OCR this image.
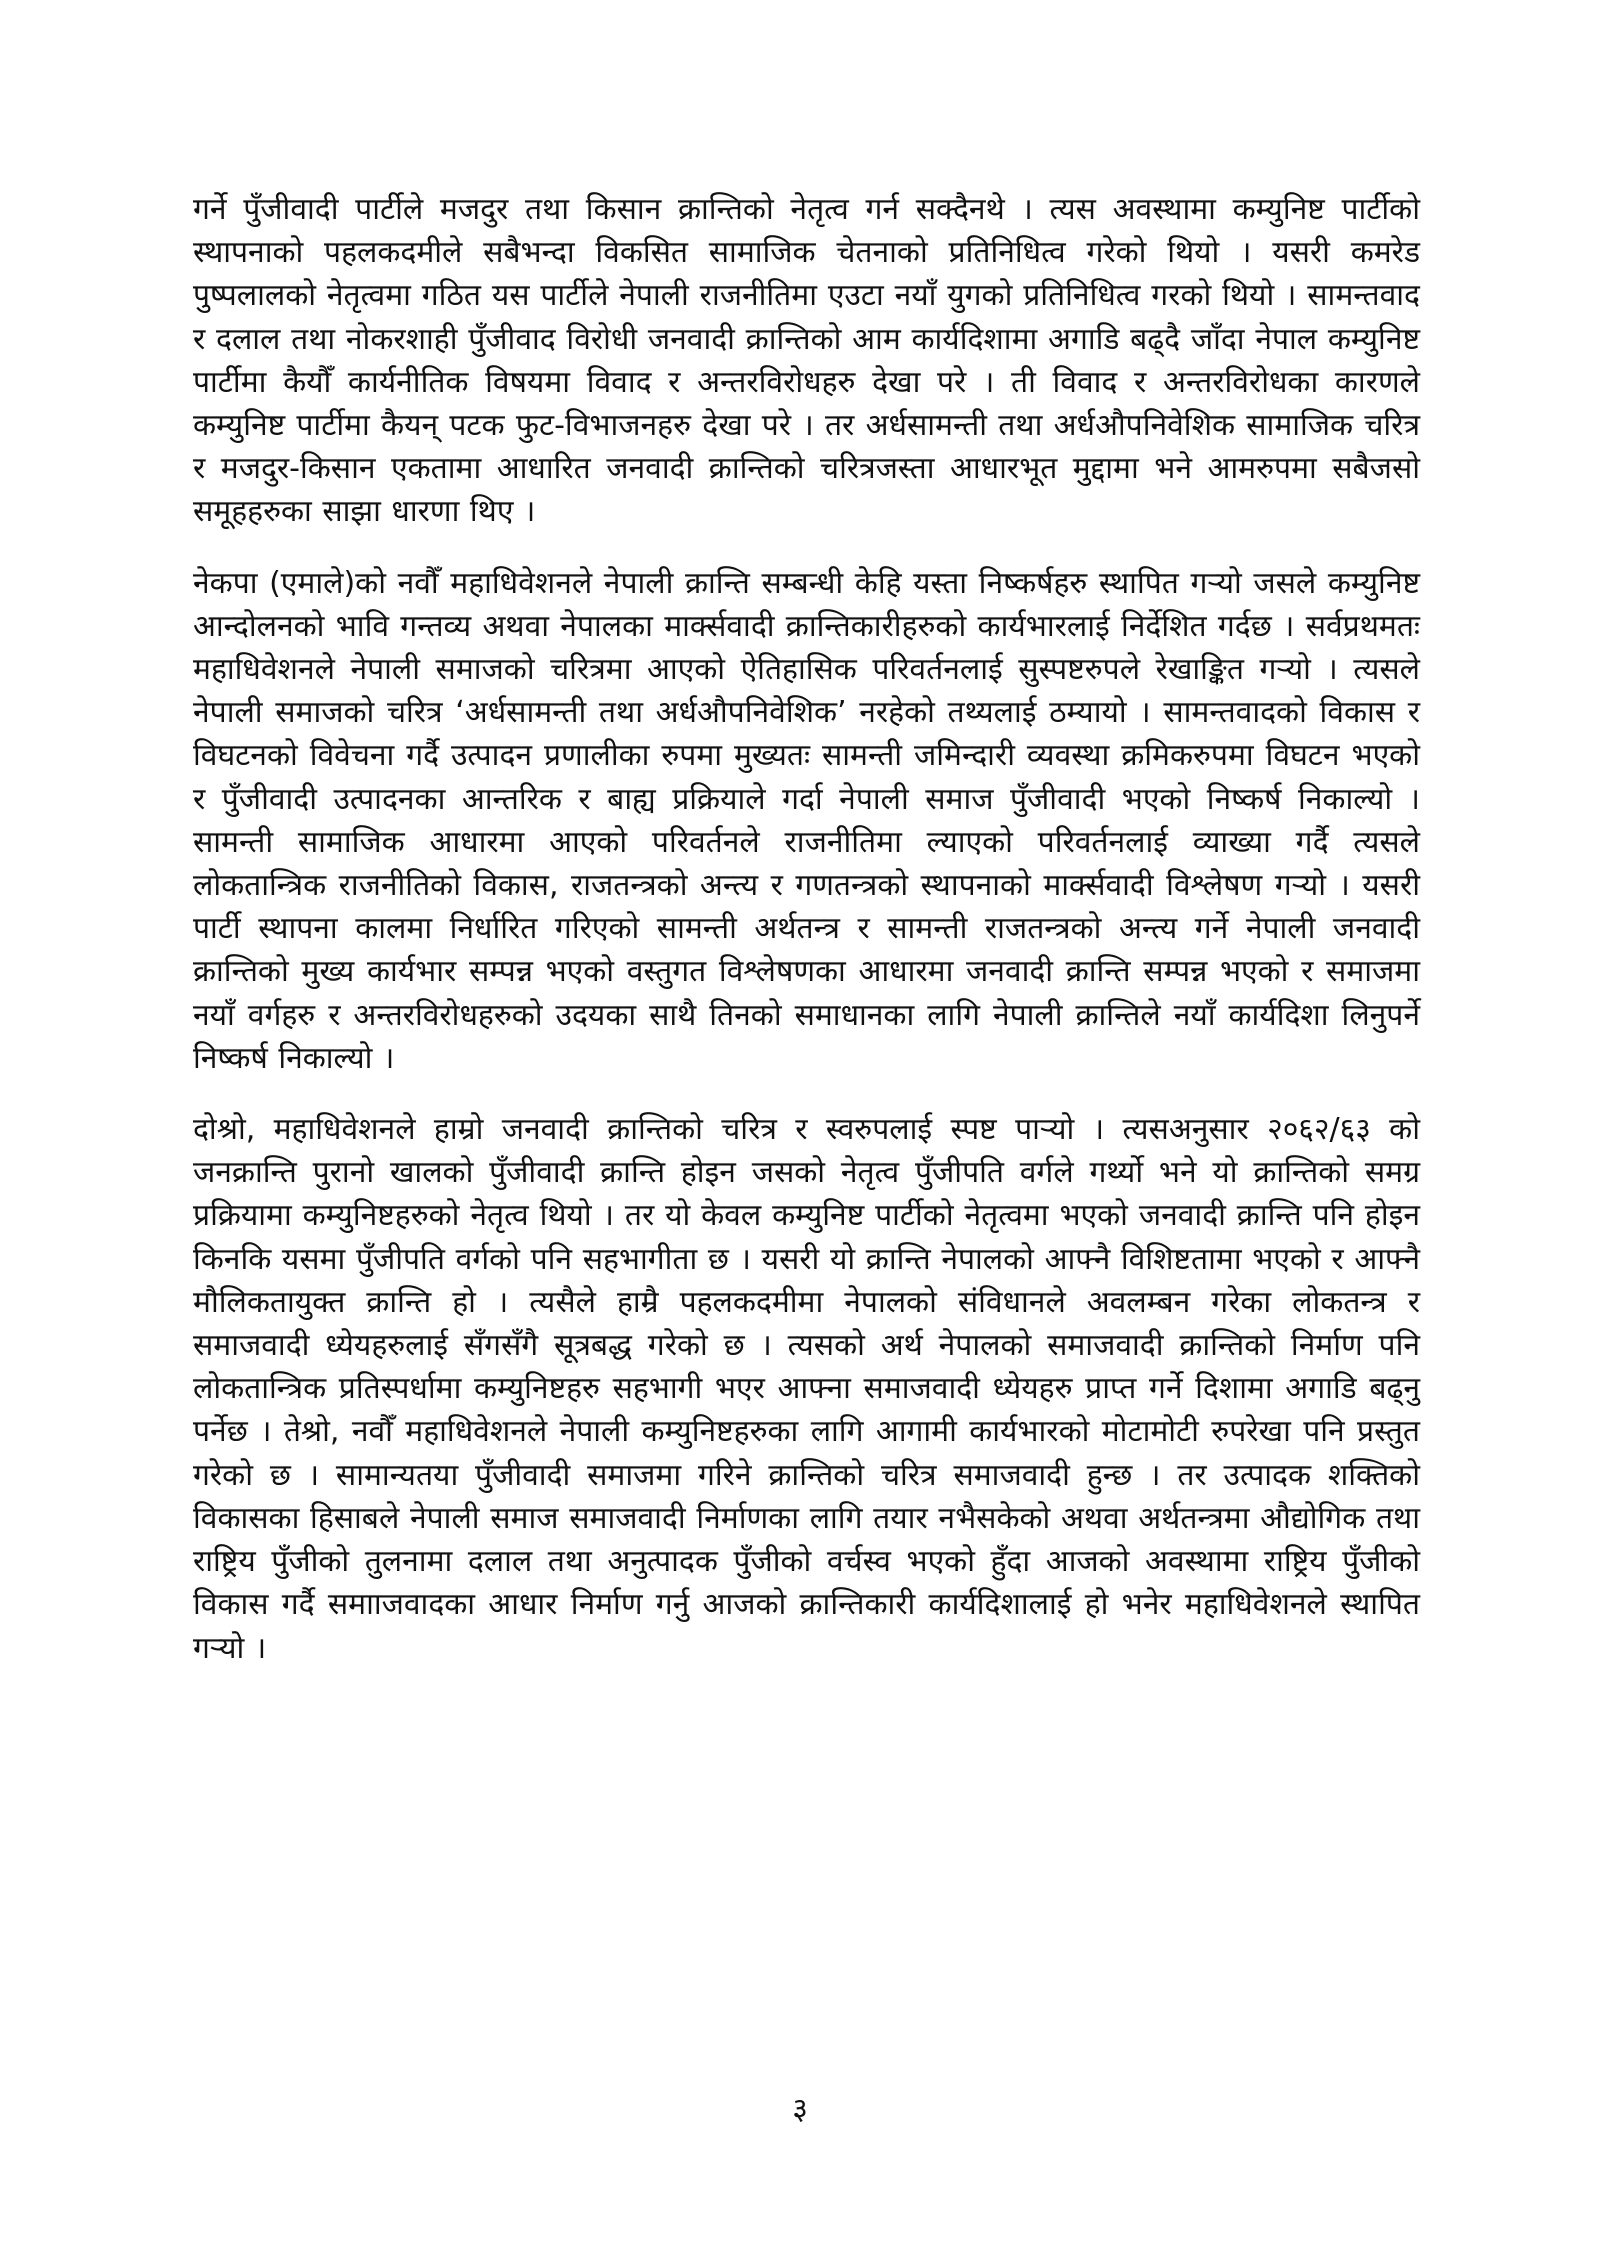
गर्ने पुँजीवादी पार्टीले मजदुर तथा किसान क्रान्तिको नेतृत्व गर्न सक्दैनथे । त्यस अवस्थामा कम्युनिष्ट पार्टीको स्थापनाको पहलकदमीले सबैभन्दा विकसित सामाजिक चेतनाको प्रतिनिधित्व गरेको थियो । यसरी कमरेड पुष्पलालको नेतृत्वमा गठित यस पार्टीले नेपाली राजनीतिमा एउटा नयाँ युगको प्रतिनिधित्व गरको थियो । सामन्तवाद र दलाल तथा नोकरशाही पुँजीवाद विरोधी जनवादी क्रान्तिको आम कार्यदिशामा अगाडि बढ्दै जाँदा नेपाल कम्युनिष्ट पार्टीमा कैयौँ कार्यनीतिक विषयमा विवाद र अन्तरविरोधहरु देखा परे । ती विवाद र अन्तरविरोधका कारणले कम्युनिष्ट पार्टीमा कैयन् पटक फुट-विभाजनहरु देखा परे । तर अर्धसामन्ती तथा अर्धऔपनिवेशिक सामाजिक चरित्र र मजदुर-किसान एकतामा आधारित जनवादी क्रान्तिको चरित्रजस्ता आधारभूत मुद्दामा भने आमरुपमा सबैजसो समूहहरुका साझा धारणा थिए ।

नेकपा (एमाले)को नवौँ महाधिवेशनले नेपाली क्रान्ति सम्बन्धी केहि यस्ता निष्कर्षहरु स्थापित गऱ्यो जसले कम्युनिष्ट आन्दोलनको भावि गन्तव्य अथवा नेपालका मार्क्सवादी क्रान्तिकारीहरुको कार्यभारलाई निर्देशित गर्दछ । सर्वप्रथमतः महाधिवेशनले नेपाली समाजको चरित्रमा आएको ऐतिहासिक परिवर्तनलाई सुस्पष्टरुपले रेखाङ्कित गऱ्यो । त्यसले नेपाली समाजको चरित्र ‘अर्धसामन्ती तथा अर्धऔपनिवेशिक’ नरहेको तथ्यलाई ठम्यायो । सामन्तवादको विकास र विघटनको विवेचना गर्दै उत्पादन प्रणालीका रुपमा मुख्यतः सामन्ती जमिन्दारी व्यवस्था क्रमिकरुपमा विघटन भएको र पुँजीवादी उत्पादनका आन्तरिक र बाह्य प्रक्रियाले गर्दा नेपाली समाज पुँजीवादी भएको निष्कर्ष निकाल्यो । सामन्ती सामाजिक आधारमा आएको परिवर्तनले राजनीतिमा ल्याएको परिवर्तनलाई व्याख्या गर्दै त्यसले लोकतान्त्रिक राजनीतिको विकास, राजतन्त्रको अन्त्य र गणतन्त्रको स्थापनाको मार्क्सवादी विश्लेषण गऱ्यो । यसरी पार्टी स्थापना कालमा निर्धारित गरिएको सामन्ती अर्थतन्त्र र सामन्ती राजतन्त्रको अन्त्य गर्ने नेपाली जनवादी क्रान्तिको मुख्य कार्यभार सम्पन्न भएको वस्तुगत विश्लेषणका आधारमा जनवादी क्रान्ति सम्पन्न भएको र समाजमा नयाँ वर्गहरु र अन्तरविरोधहरुको उदयका साथै तिनको समाधानका लागि नेपाली क्रान्तिले नयाँ कार्यदिशा लिनुपर्ने निष्कर्ष निकाल्यो ।

दोश्रो, महाधिवेशनले हाम्रो जनवादी क्रान्तिको चरित्र र स्वरुपलाई स्पष्ट पाऱ्यो । त्यसअनुसार २०६२/६३ को जनक्रान्ति पुरानो खालको पुँजीवादी क्रान्ति होइन जसको नेतृत्व पुँजीपति वर्गले गर्थ्यो भने यो क्रान्तिको समग्र प्रक्रियामा कम्युनिष्टहरुको नेतृत्व थियो । तर यो केवल कम्युनिष्ट पार्टीको नेतृत्वमा भएको जनवादी क्रान्ति पनि होइन किनकि यसमा पुँजीपति वर्गको पनि सहभागीता छ । यसरी यो क्रान्ति नेपालको आफ्नै विशिष्टतामा भएको र आफ्नै मौलिकतायुक्त क्रान्ति हो । त्यसैले हाम्रै पहलकदमीमा नेपालको संविधानले अवलम्बन गरेका लोकतन्त्र र समाजवादी ध्येयहरुलाई सँगसँगै सूत्रबद्ध गरेको छ । त्यसको अर्थ नेपालको समाजवादी क्रान्तिको निर्माण पनि लोकतान्त्रिक प्रतिस्पर्धामा कम्युनिष्टहरु सहभागी भएर आफ्ना समाजवादी ध्येयहरु प्राप्त गर्ने दिशामा अगाडि बढ्नु पर्नेछ । तेश्रो, नवौँ महाधिवेशनले नेपाली कम्युनिष्टहरुका लागि आगामी कार्यभारको मोटामोटी रुपरेखा पनि प्रस्तुत गरेको छ । सामान्यतया पुँजीवादी समाजमा गरिने क्रान्तिको चरित्र समाजवादी हुन्छ । तर उत्पादक शक्तिको विकासका हिसाबले नेपाली समाज समाजवादी निर्माणका लागि तयार नभैसकेको अथवा अर्थतन्त्रमा औद्योगिक तथा राष्ट्रिय पुँजीको तुलनामा दलाल तथा अनुत्पादक पुँजीको वर्चस्व भएको हुँदा आजको अवस्थामा राष्ट्रिय पुँजीको विकास गर्दै समााजवादका आधार निर्माण गर्नु आजको क्रान्तिकारी कार्यदिशालाई हो भनेर महाधिवेशनले स्थापित गऱ्यो ।

३
